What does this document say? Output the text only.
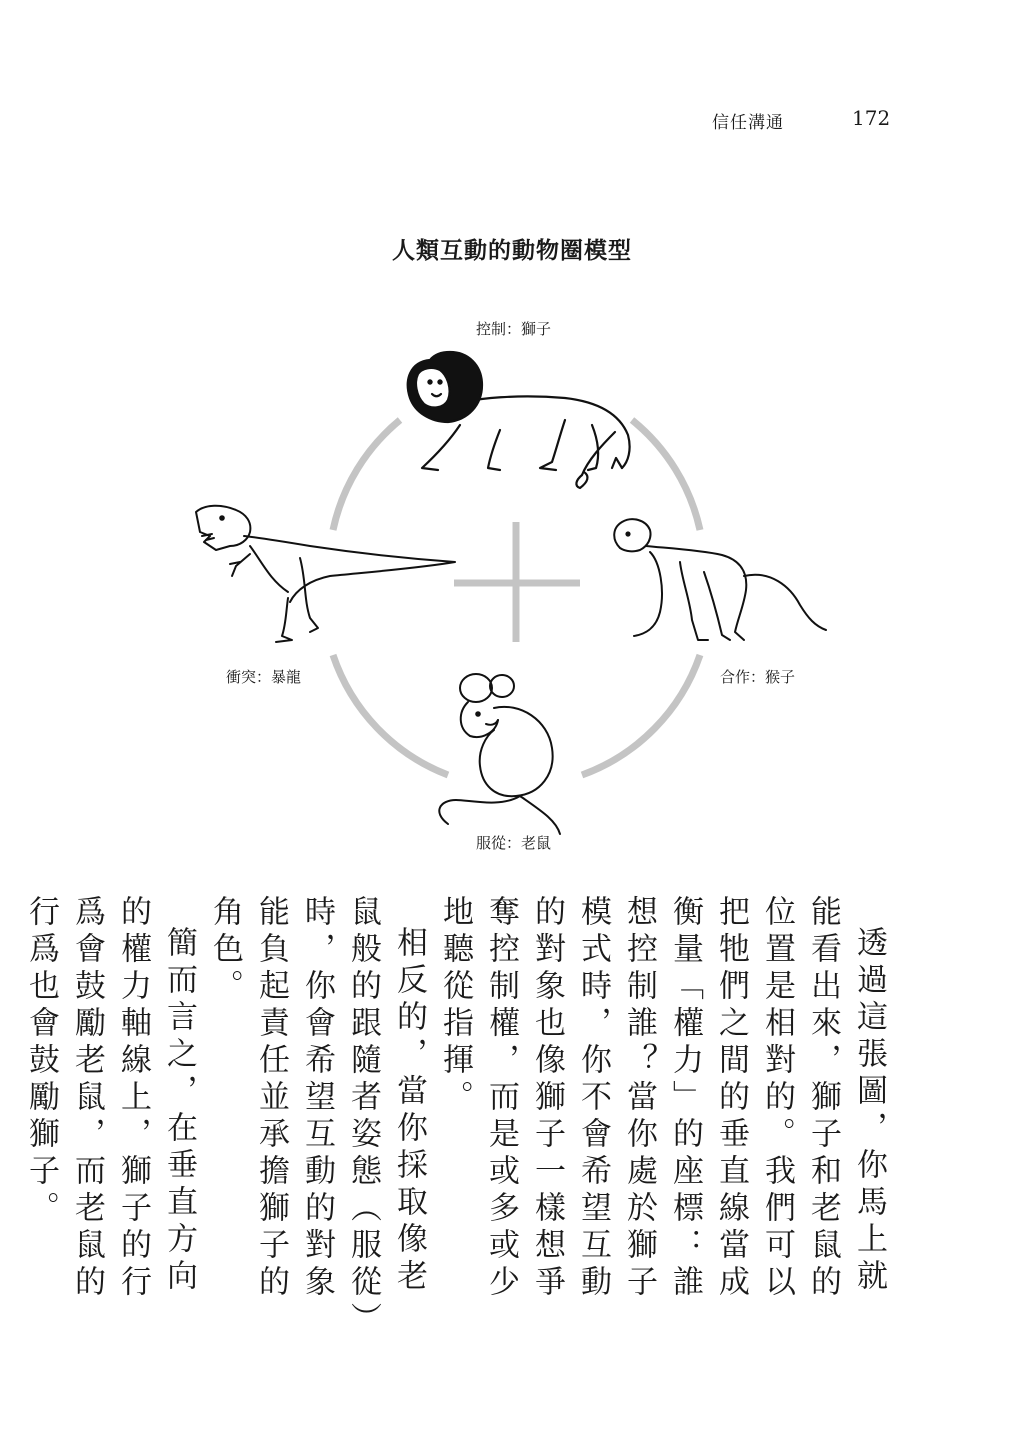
信任溝通	172
人類互動的動物圈模型
控制：獅子
合作：猴子
服從：老鼠
衝突：暴龍

透過這張圖，你馬上就能看出來，獅子和老鼠的位置是相對的。我們可以把牠們之間的垂直線當成衡量「權力」的座標：誰想控制誰？當你處於獅子模式時，你不會希望互動的對象也像獅子一樣想爭奪控制權，而是或多或少地聽從指揮。

相反的，當你採取像老鼠般的跟隨者姿態（服從）時，你會希望互動的對象能負起責任並承擔獅子的角色。

簡而言之，在垂直方向的權力軸線上，獅子的行爲會鼓勵老鼠，而老鼠的行爲也會鼓勵獅子。
